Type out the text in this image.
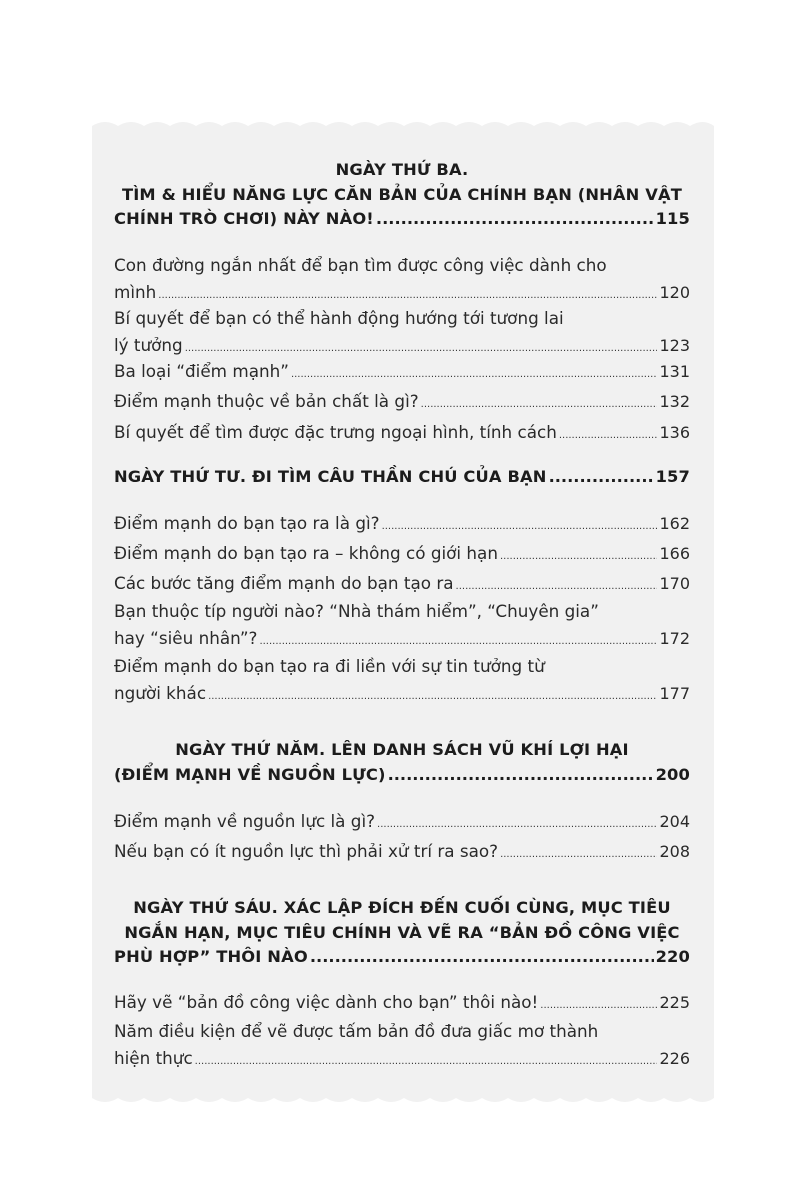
NGÀY THỨ BA.
TÌM & HIỂU NĂNG LỰC CĂN BẢN CỦA CHÍNH BẠN (NHÂN VẬT
CHÍNH TRÒ CHƠI) NÀY NÀO! .....	115
Con đường ngắn nhất để bạn tìm được công việc dành cho
mình .....	120
Bí quyết để bạn có thể hành động hướng tới tương lai
lý tưởng .....	123
Ba loại “điểm mạnh” .....	131
Điểm mạnh thuộc về bản chất là gì? .....	132
Bí quyết để tìm được đặc trưng ngoại hình, tính cách .....	136
NGÀY THỨ TƯ. ĐI TÌM CÂU THẦN CHÚ CỦA BẠN .....	157
Điểm mạnh do bạn tạo ra là gì? .....	162
Điểm mạnh do bạn tạo ra – không có giới hạn .....	166
Các bước tăng điểm mạnh do bạn tạo ra .....	170
Bạn thuộc típ người nào? “Nhà thám hiểm”, “Chuyên gia”
hay “siêu nhân”? .....	172
Điểm mạnh do bạn tạo ra đi liền với sự tin tưởng từ
người khác .....	177
NGÀY THỨ NĂM. LÊN DANH SÁCH VŨ KHÍ LỢI HẠI
(ĐIỂM MẠNH VỀ NGUỒN LỰC) .....	200
Điểm mạnh về nguồn lực là gì? .....	204
Nếu bạn có ít nguồn lực thì phải xử trí ra sao? .....	208
NGÀY THỨ SÁU. XÁC LẬP ĐÍCH ĐẾN CUỐI CÙNG, MỤC TIÊU
NGẮN HẠN, MỤC TIÊU CHÍNH VÀ VẼ RA “BẢN ĐỒ CÔNG VIỆC
PHÙ HỢP” THÔI NÀO .....	220
Hãy vẽ “bản đồ công việc dành cho bạn” thôi nào! .....	225
Năm điều kiện để vẽ được tấm bản đồ đưa giấc mơ thành
hiện thực .....	226
